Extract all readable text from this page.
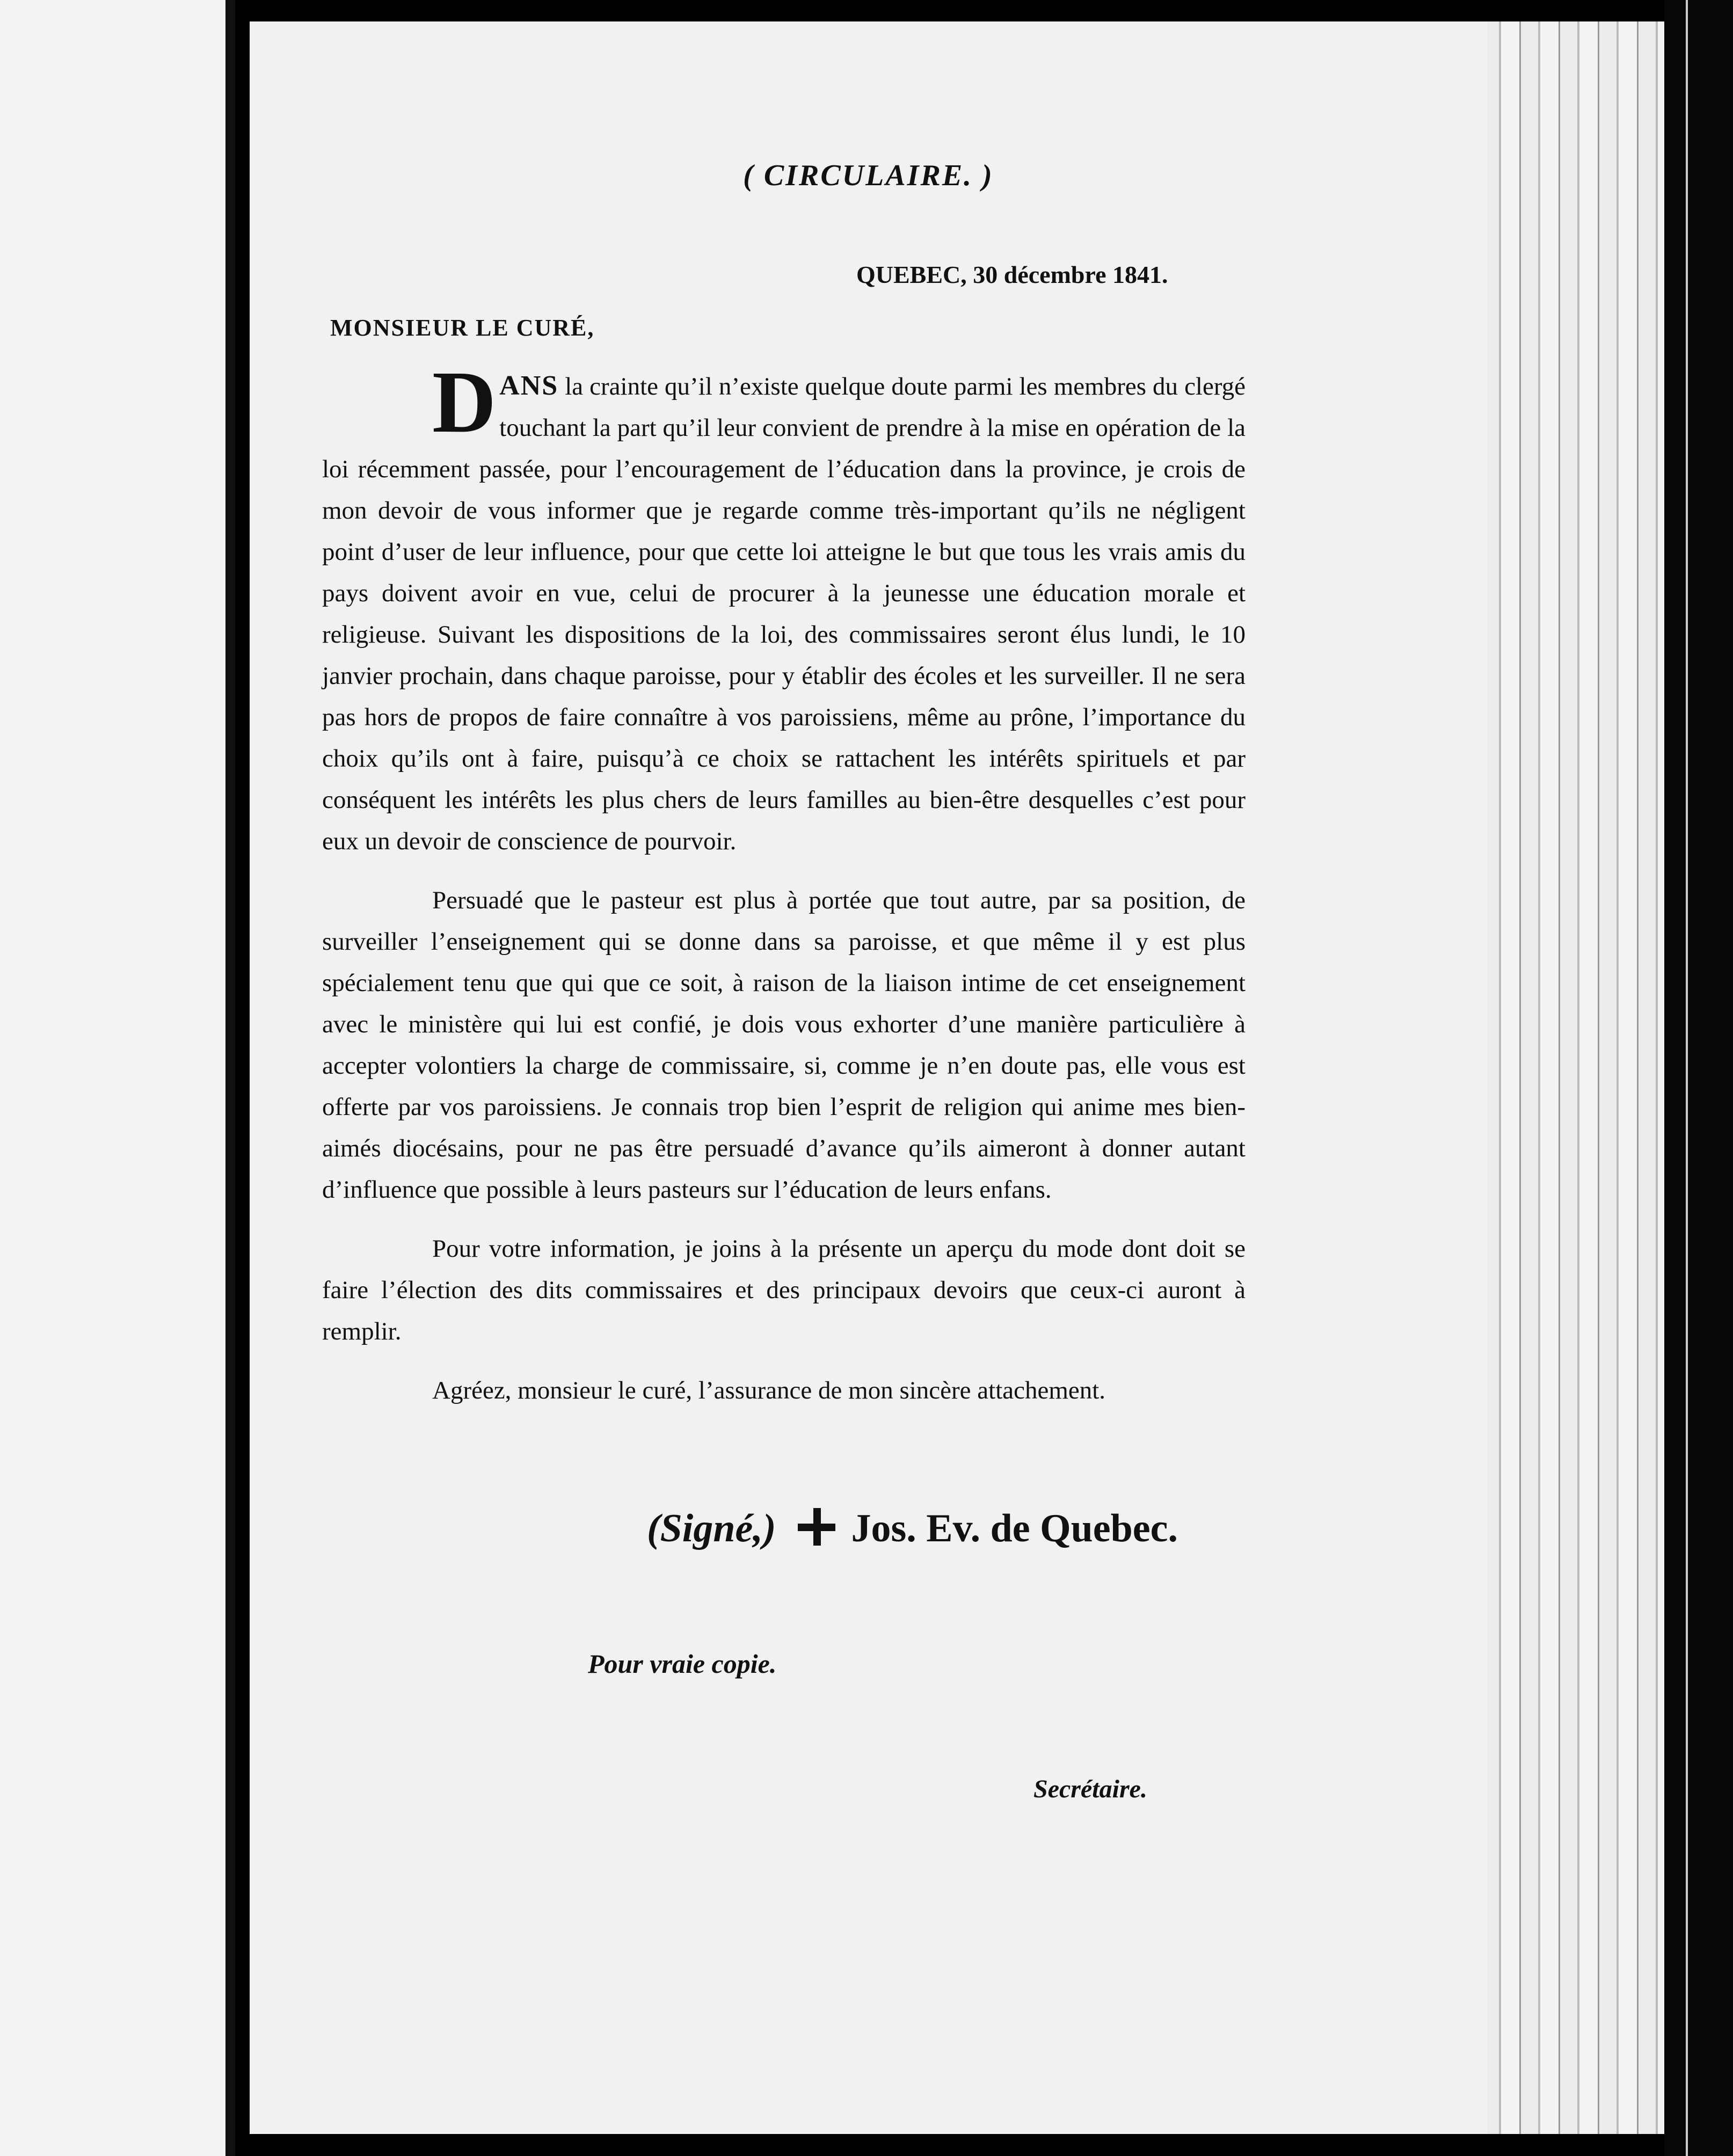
( CIRCULAIRE. )
QUEBEC, 30 décembre 1841.
MONSIEUR LE CURÉ,

D ANS la crainte qu’il n’existe quelque doute parmi les membres du clergé touchant la part qu’il leur convient de prendre à la mise en opération de la loi récemment passée, pour l’encouragement de l’éducation dans la province, je crois de mon devoir de vous informer que je regarde comme très-important qu’ils ne négligent point d’user de leur influence, pour que cette loi atteigne le but que tous les vrais amis du pays doivent avoir en vue, celui de procurer à la jeunesse une éducation morale et religieuse. Suivant les dispositions de la loi, des commissaires seront élus lundi, le 10 janvier prochain, dans chaque paroisse, pour y établir des écoles et les surveiller. Il ne sera pas hors de propos de faire connaître à vos paroissiens, même au prône, l’importance du choix qu’ils ont à faire, puisqu’à ce choix se rattachent les intérêts spirituels et par conséquent les intérêts les plus chers de leurs familles au bien-être desquelles c’est pour eux un devoir de conscience de pourvoir.

Persuadé que le pasteur est plus à portée que tout autre, par sa position, de surveiller l’enseignement qui se donne dans sa paroisse, et que même il y est plus spécialement tenu que qui que ce soit, à raison de la liaison intime de cet enseignement avec le ministère qui lui est confié, je dois vous exhorter d’une manière particulière à accepter volontiers la charge de commissaire, si, comme je n’en doute pas, elle vous est offerte par vos paroissiens. Je connais trop bien l’esprit de religion qui anime mes bien-aimés diocésains, pour ne pas être persuadé d’avance qu’ils aimeront à donner autant d’influence que possible à leurs pasteurs sur l’éducation de leurs enfans.

Pour votre information, je joins à la présente un aperçu du mode dont doit se faire l’élection des dits commissaires et des principaux devoirs que ceux-ci auront à remplir.

Agréez, monsieur le curé, l’assurance de mon sincère attachement.

(Signé,) Jos. Ev. de Quebec.
Pour vraie copie.
Secrétaire.
